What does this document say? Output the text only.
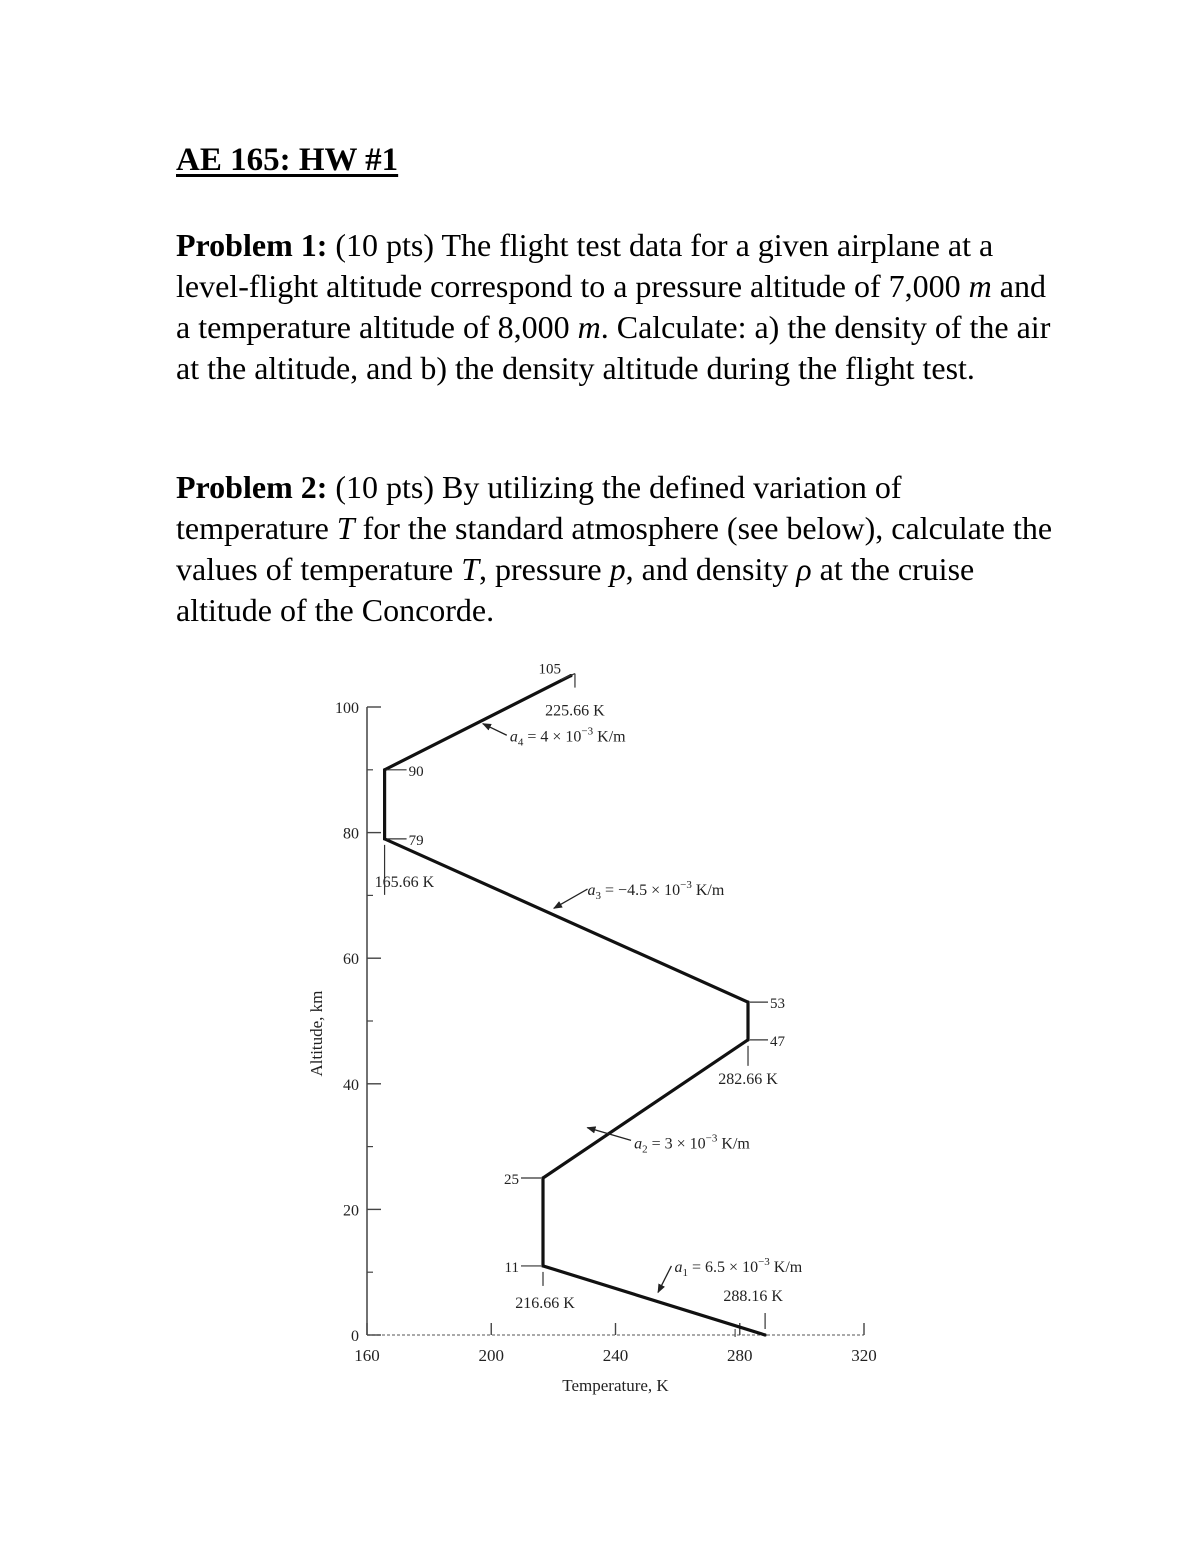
AE 165: HW #1

Problem 1: (10 pts) The flight test data for a given airplane at a level-flight altitude correspond to a pressure altitude of 7,000 m and a temperature altitude of 8,000 m. Calculate: a) the density of the air at the altitude, and b) the density altitude during the flight test.

Problem 2: (10 pts) By utilizing the defined variation of temperature T for the standard atmosphere (see below), calculate the values of temperature T, pressure p, and density ρ at the cruise altitude of the Concorde.

0
20
40
60
80
100
160	200	240	280	320
Temperature, K
Altitude, km
11
25
47
53
79
90
105
288.16 K
216.66 K
282.66 K
165.66 K
225.66 K
$a_1 = 6.5 \times 10^{-3}$ K/m
$a_2 = 3 \times 10^{-3}$ K/m
$a_3 = -4.5 \times 10^{-3}$ K/m
$a_4 = 4 \times 10^{-3}$ K/m
